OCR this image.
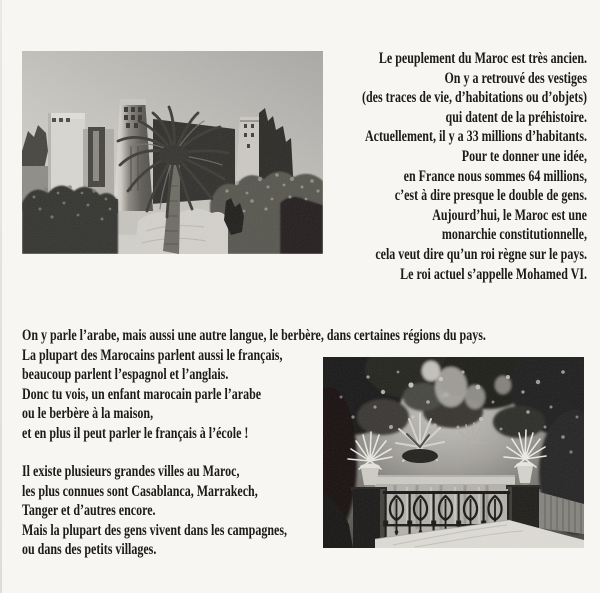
Le peuplement du Maroc est très ancien.
On y a retrouvé des vestiges
(des traces de vie, d’habitations ou d’objets)
qui datent de la préhistoire.
Actuellement, il y a 33 millions d’habitants.
Pour te donner une idée,
en France nous sommes 64 millions,
c’est à dire presque le double de gens.
Aujourd’hui, le Maroc est une
monarchie constitutionnelle,
cela veut dire qu’un roi règne sur le pays.
Le roi actuel s’appelle Mohamed VI.
On y parle l’arabe, mais aussi une autre langue, le berbère, dans certaines régions du pays.
La plupart des Marocains parlent aussi le français,
beaucoup parlent l’espagnol et l’anglais.
Donc tu vois, un enfant marocain parle l’arabe
ou le berbère à la maison,
et en plus il peut parler le français à l’école !
Il existe plusieurs grandes villes au Maroc,
les plus connues sont Casablanca, Marrakech,
Tanger et d’autres encore.
Mais la plupart des gens vivent dans les campagnes,
ou dans des petits villages.
